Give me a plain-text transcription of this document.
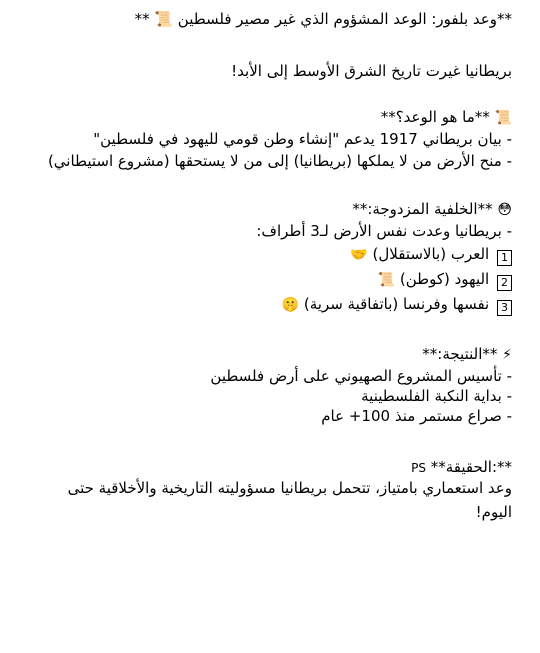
**وعد بلفور: الوعد المشؤوم الذي غير مصير فلسطين 📜 **
بريطانيا غيرت تاريخ الشرق الأوسط إلى الأبد!
📜 **ما هو الوعد؟**
- بيان بريطاني 1917 يدعم "إنشاء وطن قومي لليهود في فلسطين"
- منح الأرض من لا يملكها (بريطانيا) إلى من لا يستحقها (مشروع استيطاني)
😳 **الخلفية المزدوجة:**
- بريطانيا وعدت نفس الأرض لـ3 أطراف:
1 العرب (بالاستقلال) 🤝
2 اليهود (كوطن) 📜
3 نفسها وفرنسا (باتفاقية سرية) 🤫
⚡ **النتيجة:**
- تأسيس المشروع الصهيوني على أرض فلسطين
- بداية النكبة الفلسطينية
- صراع مستمر منذ 100+ عام
PS **الحقيقة:**
وعد استعماري بامتياز، تتحمل بريطانيا مسؤوليته التاريخية والأخلاقية حتى اليوم!
